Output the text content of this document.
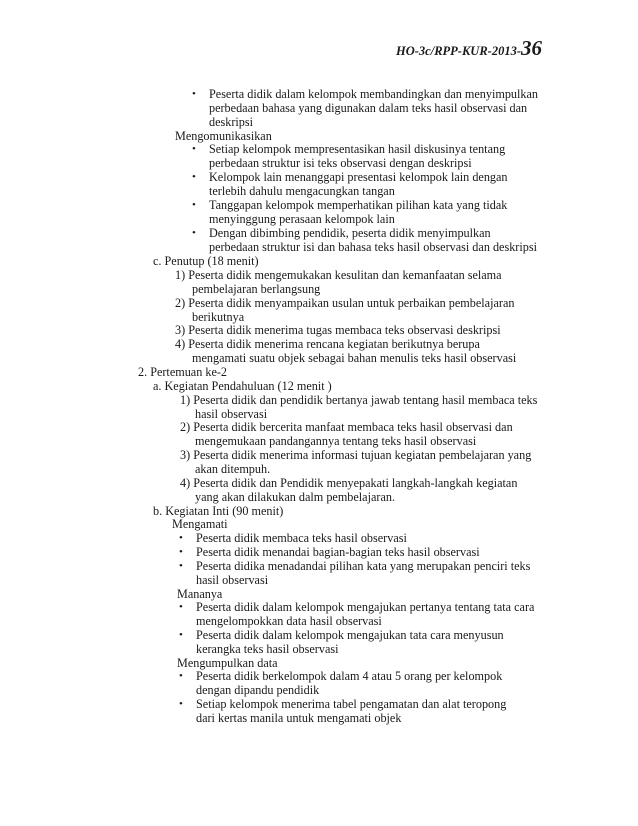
HO-3c/RPP-KUR-2013-36
• Peserta didik dalam kelompok membandingkan dan menyimpulkan
perbedaan bahasa yang digunakan dalam teks hasil observasi dan
deskripsi
Mengomunikasikan
• Setiap kelompok mempresentasikan hasil diskusinya tentang
perbedaan struktur isi teks observasi dengan deskripsi
• Kelompok lain menanggapi presentasi kelompok lain dengan
terlebih dahulu mengacungkan tangan
• Tanggapan kelompok memperhatikan pilihan kata yang tidak
menyinggung perasaan kelompok lain
• Dengan dibimbing pendidik, peserta didik menyimpulkan
perbedaan struktur isi dan bahasa teks hasil observasi dan deskripsi
c. Penutup (18 menit)
1) Peserta didik mengemukakan kesulitan dan kemanfaatan selama
pembelajaran berlangsung
2) Peserta didik menyampaikan usulan untuk perbaikan pembelajaran
berikutnya
3) Peserta didik menerima tugas membaca teks observasi deskripsi
4) Peserta didik menerima rencana kegiatan berikutnya berupa
mengamati suatu objek sebagai bahan menulis teks hasil observasi
2. Pertemuan ke-2
a. Kegiatan Pendahuluan (12 menit )
1) Peserta didik dan pendidik bertanya jawab tentang hasil membaca teks
hasil observasi
2) Peserta didik bercerita manfaat membaca teks hasil observasi dan
mengemukaan pandangannya tentang teks hasil observasi
3) Peserta didik menerima informasi tujuan kegiatan pembelajaran yang
akan ditempuh.
4) Peserta didik dan Pendidik menyepakati langkah-langkah kegiatan
yang akan dilakukan dalm pembelajaran.
b. Kegiatan Inti (90 menit)
Mengamati
• Peserta didik membaca teks hasil observasi
• Peserta didik menandai bagian-bagian teks hasil observasi
• Peserta didika menadandai pilihan kata yang merupakan penciri teks
hasil observasi
Mananya
• Peserta didik dalam kelompok mengajukan pertanya tentang tata cara
mengelompokkan data hasil observasi
• Peserta didik dalam kelompok mengajukan tata cara menyusun
kerangka teks hasil observasi
Mengumpulkan data
• Peserta didik berkelompok dalam 4 atau 5 orang per kelompok
dengan dipandu pendidik
• Setiap kelompok menerima tabel pengamatan dan alat teropong
dari kertas manila untuk mengamati objek
